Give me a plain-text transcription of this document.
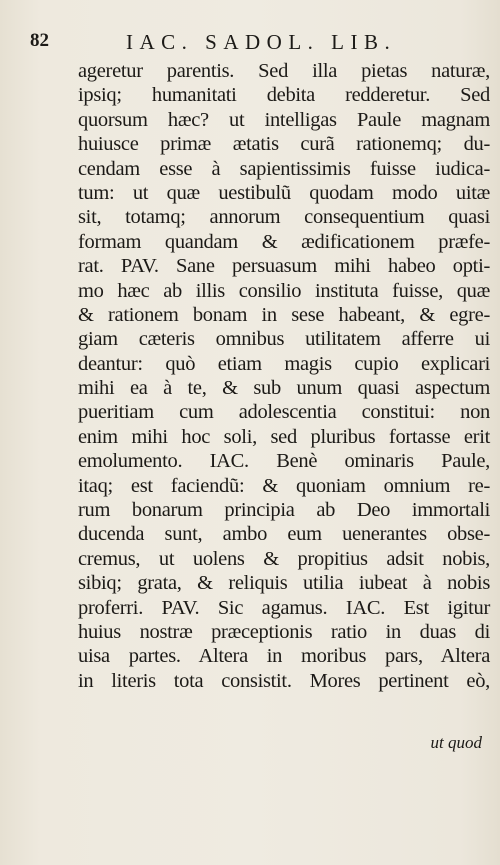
82	IAC. SADOL. LIB.
ageretur parentis. Sed illa pietas naturæ,
ipsiq; humanitati debita redderetur. Sed
quorsum hæc? ut intelligas Paule magnam
huiusce primæ ætatis curã rationemq; du-
cendam esse à sapientissimis fuisse iudica-
tum: ut quæ uestibulũ quodam modo uitæ
sit, totamq; annorum consequentium quasi
formam quandam & ædificationem præfe-
rat. PAV. Sane persuasum mihi habeo opti-
mo hæc ab illis consilio instituta fuisse, quæ
& rationem bonam in sese habeant, & egre-
giam cæteris omnibus utilitatem afferre ui
deantur: quò etiam magis cupio explicari
mihi ea à te, & sub unum quasi aspectum
pueritiam cum adolescentia constitui: non
enim mihi hoc soli, sed pluribus fortasse erit
emolumento. IAC. Benè ominaris Paule,
itaq; est faciendũ: & quoniam omnium re-
rum bonarum principia ab Deo immortali
ducenda sunt, ambo eum uenerantes obse-
cremus, ut uolens & propitius adsit nobis,
sibiq; grata, & reliquis utilia iubeat à nobis
proferri. PAV. Sic agamus. IAC. Est igitur
huius nostræ præceptionis ratio in duas di
uisa partes. Altera in moribus pars, Altera
in literis tota consistit. Mores pertinent eò,
ut quod
